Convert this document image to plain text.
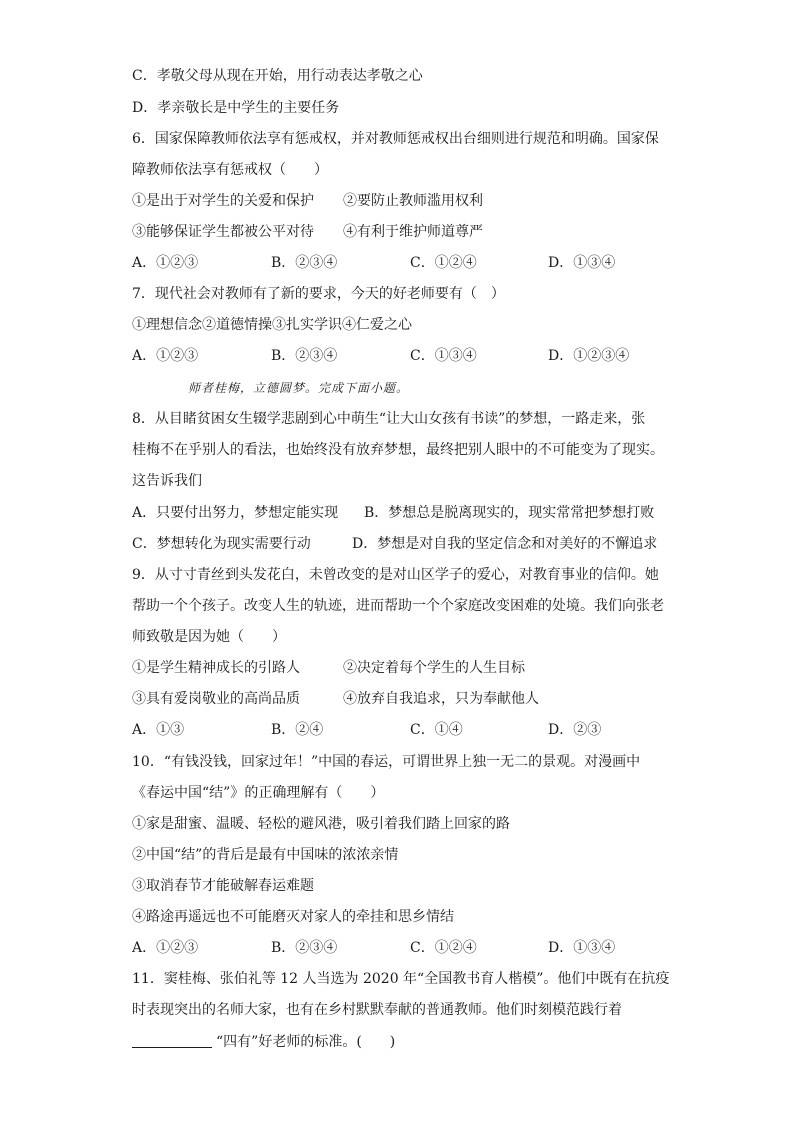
C．孝敬父母从现在开始，用行动表达孝敬之心
D．孝亲敬长是中学生的主要任务
6．国家保障教师依法享有惩戒权，并对教师惩戒权出台细则进行规范和明确。国家保
障教师依法享有惩戒权（　　）
①是出于对学生的关爱和保护 ②要防止教师滥用权利
③能够保证学生都被公平对待 ④有利于维护师道尊严
A．①②③	B．②③④	C．①②④	D．①③④
7．现代社会对教师有了新的要求，今天的好老师要有（　）
①理想信念②道德情操③扎实学识④仁爱之心
A．①②③	B．②③④	C．①③④	D．①②③④
师者桂梅，立德圆梦。完成下面小题。
8．从目睹贫困女生辍学悲剧到心中萌生“让大山女孩有书读”的梦想，一路走来，张
桂梅不在乎别人的看法，也始终没有放弃梦想，最终把别人眼中的不可能变为了现实。
这告诉我们
A．只要付出努力，梦想定能实现 B．梦想总是脱离现实的，现实常常把梦想打败
C．梦想转化为现实需要行动	D．梦想是对自我的坚定信念和对美好的不懈追求
9．从寸寸青丝到头发花白，未曾改变的是对山区学子的爱心，对教育事业的信仰。她
帮助一个个孩子。改变人生的轨迹，进而帮助一个个家庭改变困难的处境。我们向张老
师致敬是因为她（　　）
①是学生精神成长的引路人	②决定着每个学生的人生目标
③具有爱岗敬业的高尚品质	④放弃自我追求，只为奉献他人
A．①③	B．②④	C．①④	D．②③
10．“有钱没钱，回家过年！”中国的春运，可谓世界上独一无二的景观。对漫画中
《春运中国“结”》的正确理解有（　　）
①家是甜蜜、温暖、轻松的避风港，吸引着我们踏上回家的路
②中国“结”的背后是最有中国味的浓浓亲情
③取消春节才能破解春运难题
④路途再遥远也不可能磨灭对家人的牵挂和思乡情结
A．①②③	B．②③④	C．①②④	D．①③④
11．窦桂梅、张伯礼等 12 人当选为 2020 年“全国教书育人楷模”。他们中既有在抗疫
时表现突出的名师大家，也有在乡村默默奉献的普通教师。他们时刻模范践行着
“四有”好老师的标准。(　　)
